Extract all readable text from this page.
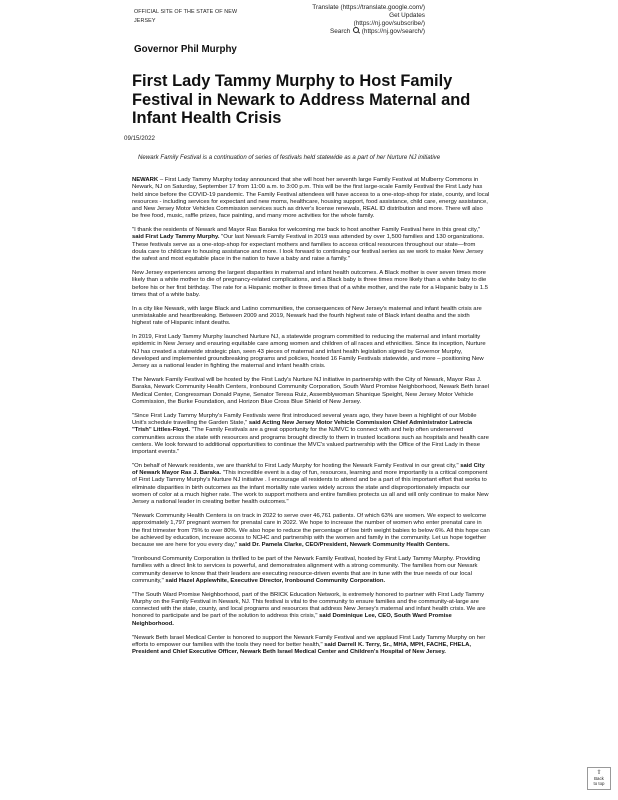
OFFICIAL SITE OF THE STATE OF NEW
JERSEY
Translate (https://translate.google.com/)
Get Updates
(https://nj.gov/subscribe/)
Search (https://nj.gov/search/)
Governor Phil Murphy
First Lady Tammy Murphy to Host Family Festival in Newark to Address Maternal and Infant Health Crisis
09/15/2022
Newark Family Festival is a continuation of series of festivals held statewide as a part of her Nurture NJ initiative

NEWARK – First Lady Tammy Murphy today announced that she will host her seventh large Family Festival at Mulberry Commons in Newark, NJ on Saturday, September 17 from 11:00 a.m. to 3:00 p.m. This will be the first large-scale Family Festival the First Lady has held since before the COVID-19 pandemic. The Family Festival attendees will have access to a one-stop-shop for state, county, and local resources - including services for expectant and new moms, healthcare, housing support, food assistance, child care, energy assistance, and New Jersey Motor Vehicles Commission services such as driver's license renewals, REAL ID distribution and more. There will also be free food, music, raffle prizes, face painting, and many more activities for the whole family.

"I thank the residents of Newark and Mayor Ras Baraka for welcoming me back to host another Family Festival here in this great city," said First Lady Tammy Murphy. "Our last Newark Family Festival in 2019 was attended by over 1,500 families and 130 organizations. These festivals serve as a one-stop-shop for expectant mothers and families to access critical resources throughout our state—from doula care to childcare to housing assistance and more. I look forward to continuing our festival series as we work to make New Jersey the safest and most equitable place in the nation to have a baby and raise a family."

New Jersey experiences among the largest disparities in maternal and infant health outcomes. A Black mother is over seven times more likely than a white mother to die of pregnancy-related complications, and a Black baby is three times more likely than a white baby to die before his or her first birthday. The rate for a Hispanic mother is three times that of a white mother, and the rate for a Hispanic baby is 1.5 times that of a white baby.

In a city like Newark, with large Black and Latino communities, the consequences of New Jersey's maternal and infant health crisis are unmistakable and heartbreaking. Between 2009 and 2019, Newark had the fourth highest rate of Black infant deaths and the sixth highest rate of Hispanic infant deaths.

In 2019, First Lady Tammy Murphy launched Nurture NJ, a statewide program committed to reducing the maternal and infant mortality epidemic in New Jersey and ensuring equitable care among women and children of all races and ethnicities. Since its inception, Nurture NJ has created a statewide strategic plan, seen 43 pieces of maternal and infant health legislation signed by Governor Murphy, developed and implemented groundbreaking programs and policies, hosted 16 Family Festivals statewide, and more – positioning New Jersey as a national leader in fighting the maternal and infant health crisis.

The Newark Family Festival will be hosted by the First Lady's Nurture NJ initiative in partnership with the City of Newark, Mayor Ras J. Baraka, Newark Community Health Centers, Ironbound Community Corporation, South Ward Promise Neighborhood, Newark Beth Israel Medical Center, Congressman Donald Payne, Senator Teresa Ruiz, Assemblywoman Shanique Speight, New Jersey Motor Vehicle Commission, the Burke Foundation, and Horizon Blue Cross Blue Shield of New Jersey.

"Since First Lady Tammy Murphy's Family Festivals were first introduced several years ago, they have been a highlight of our Mobile Unit's schedule travelling the Garden State," said Acting New Jersey Motor Vehicle Commission Chief Administrator Latrecia "Trish" Littles-Floyd. "The Family Festivals are a great opportunity for the NJMVC to connect with and help often underserved communities across the state with resources and programs brought directly to them in trusted locations such as hospitals and health care centers. We look forward to additional opportunities to continue the MVC's valued partnership with the Office of the First Lady in these important events."

"On behalf of Newark residents, we are thankful to First Lady Murphy for hosting the Newark Family Festival in our great city," said City of Newark Mayor Ras J. Baraka. "This incredible event is a day of fun, resources, learning and more importantly is a critical component of First Lady Tammy Murphy's Nurture NJ initiative . I encourage all residents to attend and be a part of this important effort that works to eliminate disparities in birth outcomes as the infant mortality rate varies widely across the state and disproportionately impacts our women of color at a much higher rate. The work to support mothers and entire families protects us all and will only continue to make New Jersey a national leader in creating better health outcomes."

"Newark Community Health Centers is on track in 2022 to serve over 46,761 patients. Of which 63% are women. We expect to welcome approximately 1,797 pregnant women for prenatal care in 2022. We hope to increase the number of women who enter prenatal care in the first trimester from 75% to over 80%. We also hope to reduce the percentage of low birth weight babies to below 6%. All this hope can be achieved by education, increase access to NCHC and partnership with the women and family in the community. Let us hope together because we are here for you every day," said Dr. Pamela Clarke, CEO/President, Newark Community Health Centers.

"Ironbound Community Corporation is thrilled to be part of the Newark Family Festival, hosted by First Lady Tammy Murphy. Providing families with a direct link to services is powerful, and demonstrates alignment with a strong community. The families from our Newark community deserve to know that their leaders are executing resource-driven events that are in tune with the true needs of our local community," said Hazel Applewhite, Executive Director, Ironbound Community Corporation.

"The South Ward Promise Neighborhood, part of the BRICK Education Network, is extremely honored to partner with First Lady Tammy Murphy on the Family Festival in Newark, NJ. This festival is vital to the community to ensure families and the community-at-large are connected with the state, county, and local programs and resources that address New Jersey's maternal and infant health crisis. We are honored to participate and be part of the solution to address this crisis," said Dominique Lee, CEO, South Ward Promise Neighborhood.

"Newark Beth Israel Medical Center is honored to support the Newark Family Festival and we applaud First Lady Tammy Murphy on her efforts to empower our families with the tools they need for better health," said Darrell K. Terry, Sr., MHA, MPH, FACHE, FHELA, President and Chief Executive Officer, Newark Beth Israel Medical Center and Children's Hospital of New Jersey.

⇧
Back
to top
